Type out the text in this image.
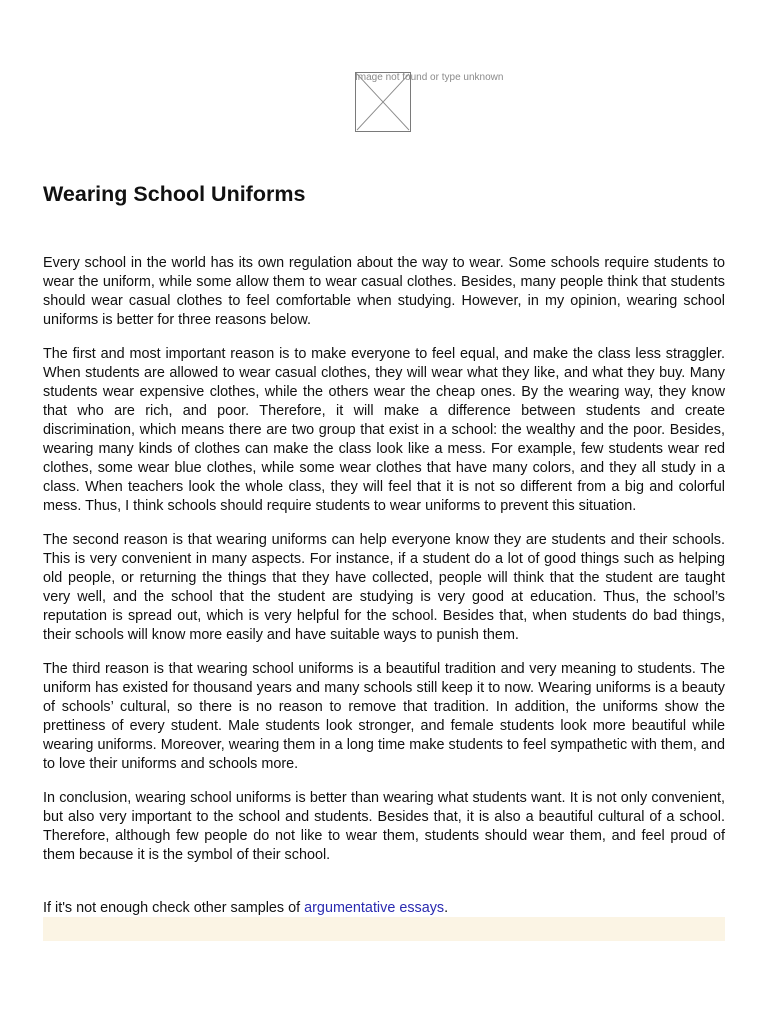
Image not found or type unknown
Wearing School Uniforms

Every school in the world has its own regulation about the way to wear. Some schools require students to wear the uniform, while some allow them to wear casual clothes. Besides, many people think that students should wear casual clothes to feel comfortable when studying. However, in my opinion, wearing school uniforms is better for three reasons below.

The first and most important reason is to make everyone to feel equal, and make the class less straggler. When students are allowed to wear casual clothes, they will wear what they like, and what they buy. Many students wear expensive clothes, while the others wear the cheap ones. By the wearing way, they know that who are rich, and poor. Therefore, it will make a difference between students and create discrimination, which means there are two group that exist in a school: the wealthy and the poor. Besides, wearing many kinds of clothes can make the class look like a mess. For example, few students wear red clothes, some wear blue clothes, while some wear clothes that have many colors, and they all study in a class. When teachers look the whole class, they will feel that it is not so different from a big and colorful mess. Thus, I think schools should require students to wear uniforms to prevent this situation.

The second reason is that wearing uniforms can help everyone know they are students and their schools. This is very convenient in many aspects. For instance, if a student do a lot of good things such as helping old people, or returning the things that they have collected, people will think that the student are taught very well, and the school that the student are studying is very good at education. Thus, the school’s reputation is spread out, which is very helpful for the school. Besides that, when students do bad things, their schools will know more easily and have suitable ways to punish them.

The third reason is that wearing school uniforms is a beautiful tradition and very meaning to students. The uniform has existed for thousand years and many schools still keep it to now. Wearing uniforms is a beauty of schools’ cultural, so there is no reason to remove that tradition. In addition, the uniforms show the prettiness of every student. Male students look stronger, and female students look more beautiful while wearing uniforms. Moreover, wearing them in a long time make students to feel sympathetic with them, and to love their uniforms and schools more.

In conclusion, wearing school uniforms is better than wearing what students want. It is not only convenient, but also very important to the school and students. Besides that, it is also a beautiful cultural of a school. Therefore, although few people do not like to wear them, students should wear them, and feel proud of them because it is the symbol of their school.

If it's not enough check other samples of argumentative essays.
